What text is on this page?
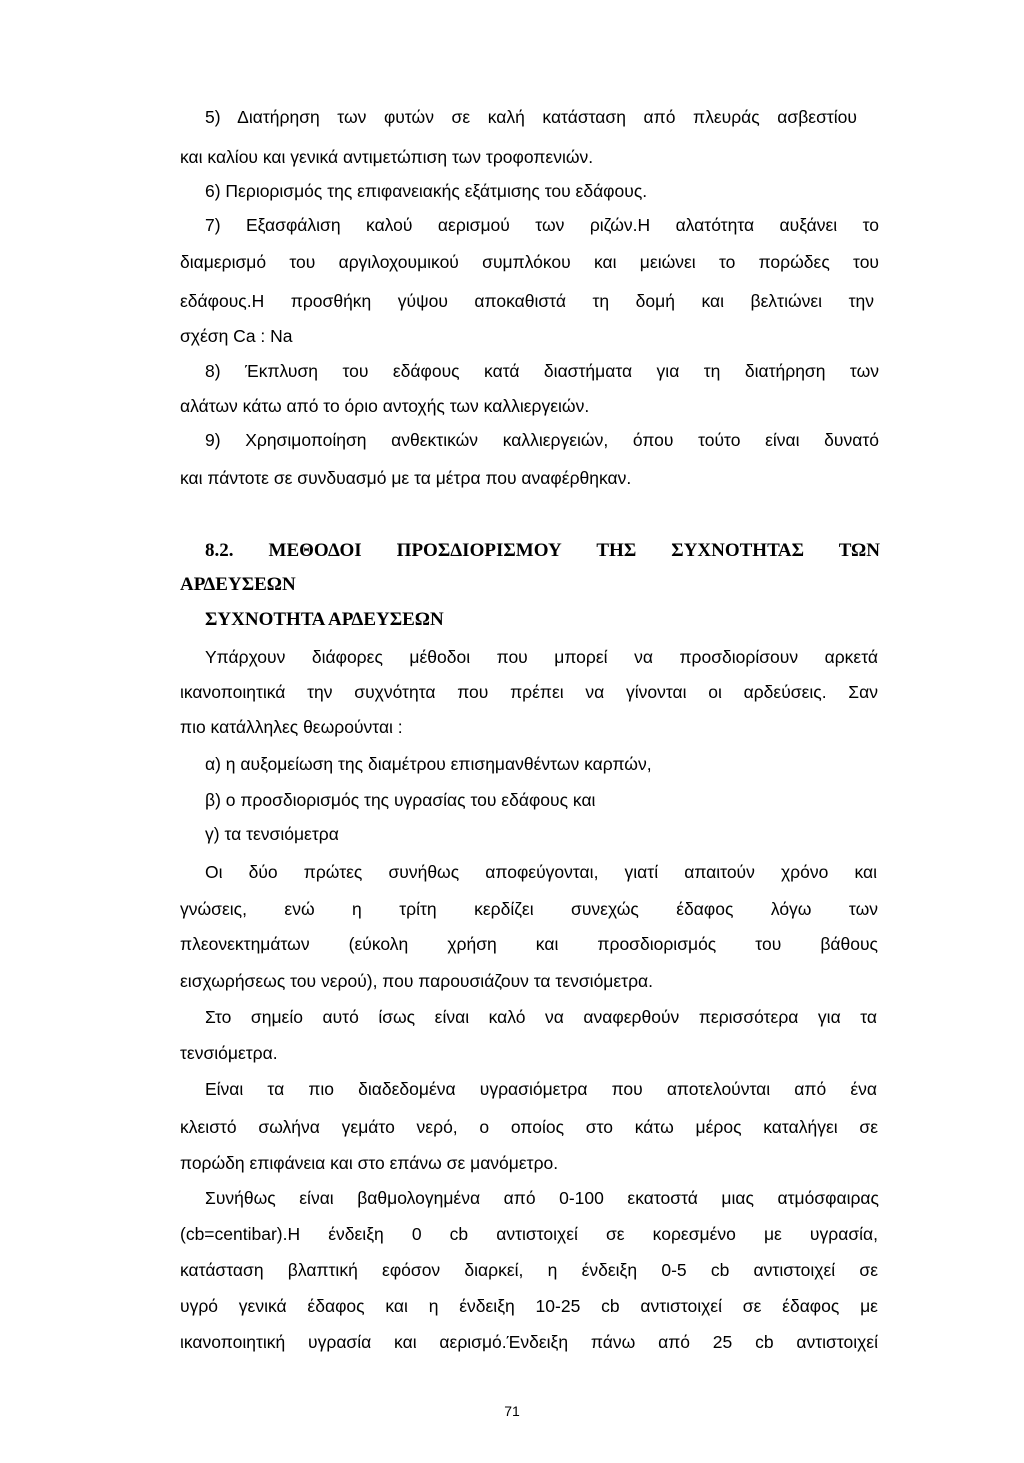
5) Διατήρηση των φυτών σε καλή κατάσταση από πλευράς ασβεστίου
και καλίου και γενικά αντιμετώπιση των τροφοπενιών.
6) Περιορισμός της επιφανειακής εξάτμισης του εδάφους.
7) Εξασφάλιση καλού αερισμού των ριζών.Η αλατότητα αυξάνει το
διαμερισμό του αργιλοχουμικού συμπλόκου και μειώνει το πορώδες του
εδάφους.Η προσθήκη γύψου αποκαθιστά τη δομή και βελτιώνει την
σχέση Ca : Na
8) Έκπλυση του εδάφους κατά διαστήματα για τη διατήρηση των
αλάτων κάτω από το όριο αντοχής των καλλιεργειών.
9) Χρησιμοποίηση ανθεκτικών καλλιεργειών, όπου τούτο είναι δυνατό
και πάντοτε σε συνδυασμό με τα μέτρα που αναφέρθηκαν.
8.2. ΜΕΘΟΔΟΙ ΠΡΟΣΔΙΟΡΙΣΜΟΥ ΤΗΣ ΣΥΧΝΟΤΗΤΑΣ ΤΩΝ
ΑΡΔΕΥΣΕΩΝ
ΣΥΧΝΟΤΗΤΑ ΑΡΔΕΥΣΕΩΝ
Υπάρχουν διάφορες μέθοδοι που μπορεί να προσδιορίσουν αρκετά
ικανοποιητικά την συχνότητα που πρέπει να γίνονται οι αρδεύσεις. Σαν
πιο κατάλληλες θεωρούνται :
α) η αυξομείωση της διαμέτρου επισημανθέντων καρπών,
β) ο προσδιορισμός της υγρασίας του εδάφους και
γ) τα τενσιόμετρα
Οι δύο πρώτες συνήθως αποφεύγονται, γιατί απαιτούν χρόνο και
γνώσεις, ενώ η τρίτη κερδίζει συνεχώς έδαφος λόγω των
πλεονεκτημάτων (εύκολη χρήση και προσδιορισμός του βάθους
εισχωρήσεως του νερού), που παρουσιάζουν τα τενσιόμετρα.
Στο σημείο αυτό ίσως είναι καλό να αναφερθούν περισσότερα για τα
τενσιόμετρα.
Είναι τα πιο διαδεδομένα υγρασιόμετρα που αποτελούνται από ένα
κλειστό σωλήνα γεμάτο νερό, ο οποίος στο κάτω μέρος καταλήγει σε
πορώδη επιφάνεια και στο επάνω σε μανόμετρο.
Συνήθως είναι βαθμολογημένα από 0-100 εκατοστά μιας ατμόσφαιρας
(cb=centibar).Η ένδειξη 0 cb αντιστοιχεί σε κορεσμένο με υγρασία,
κατάσταση βλαπτική εφόσον διαρκεί, η ένδειξη 0-5 cb αντιστοιχεί σε
υγρό γενικά έδαφος και η ένδειξη 10-25 cb αντιστοιχεί σε έδαφος με
ικανοποιητική υγρασία και αερισμό.Ένδειξη πάνω από 25 cb αντιστοιχεί
71
